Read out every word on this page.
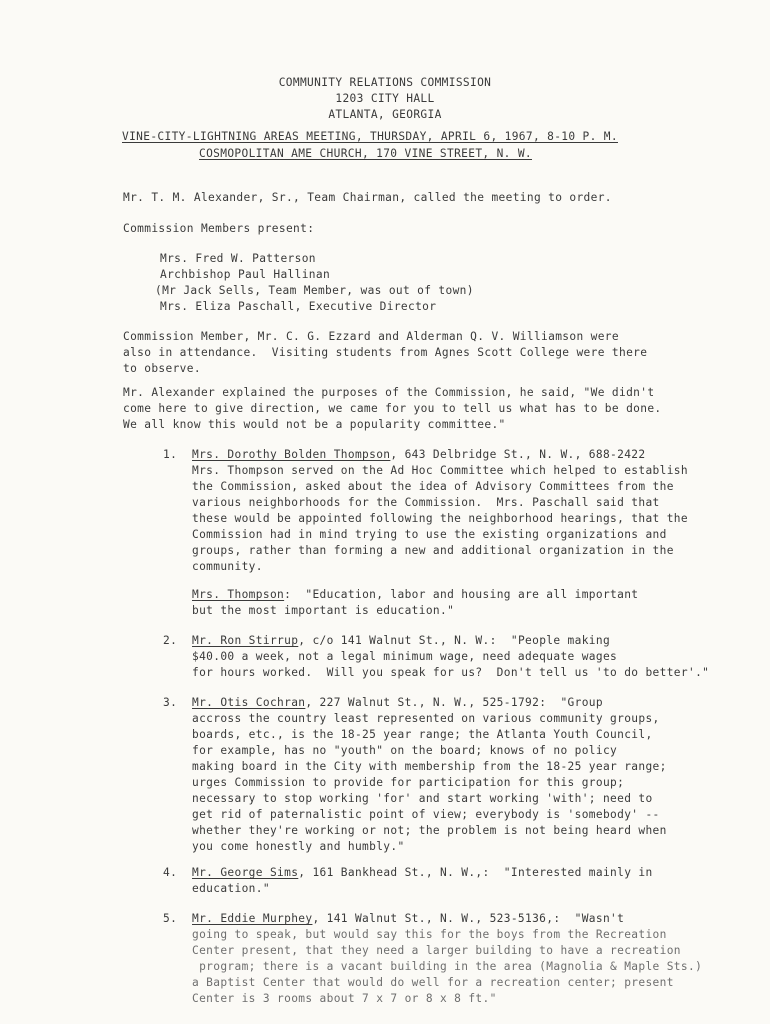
COMMUNITY RELATIONS COMMISSION
1203 CITY HALL
ATLANTA, GEORGIA
VINE-CITY-LIGHTNING AREAS MEETING, THURSDAY, APRIL 6, 1967, 8-10 P. M.
COSMOPOLITAN AME CHURCH, 170 VINE STREET, N. W.
Mr. T. M. Alexander, Sr., Team Chairman, called the meeting to order.
Commission Members present:
Mrs. Fred W. Patterson
Archbishop Paul Hallinan
(Mr Jack Sells, Team Member, was out of town)
Mrs. Eliza Paschall, Executive Director
Commission Member, Mr. C. G. Ezzard and Alderman Q. V. Williamson were
also in attendance.  Visiting students from Agnes Scott College were there
to observe.
Mr. Alexander explained the purposes of the Commission, he said, "We didn't
come here to give direction, we came for you to tell us what has to be done.
We all know this would not be a popularity committee."
1. Mrs. Dorothy Bolden Thompson, 643 Delbridge St., N. W., 688-2422
Mrs. Thompson served on the Ad Hoc Committee which helped to establish
the Commission, asked about the idea of Advisory Committees from the
various neighborhoods for the Commission.  Mrs. Paschall said that
these would be appointed following the neighborhood hearings, that the
Commission had in mind trying to use the existing organizations and
groups, rather than forming a new and additional organization in the
community.
Mrs. Thompson:  "Education, labor and housing are all important
but the most important is education."
2. Mr. Ron Stirrup, c/o 141 Walnut St., N. W.:  "People making
$40.00 a week, not a legal minimum wage, need adequate wages
for hours worked.  Will you speak for us?  Don't tell us 'to do better'."
3. Mr. Otis Cochran, 227 Walnut St., N. W., 525-1792:  "Group
accross the country least represented on various community groups,
boards, etc., is the 18-25 year range; the Atlanta Youth Council,
for example, has no "youth" on the board; knows of no policy
making board in the City with membership from the 18-25 year range;
urges Commission to provide for participation for this group;
necessary to stop working 'for' and start working 'with'; need to
get rid of paternalistic point of view; everybody is 'somebody' --
whether they're working or not; the problem is not being heard when
you come honestly and humbly."
4. Mr. George Sims, 161 Bankhead St., N. W.,:  "Interested mainly in
education."
5. Mr. Eddie Murphey, 141 Walnut St., N. W., 523-5136,:  "Wasn't
going to speak, but would say this for the boys from the Recreation
Center present, that they need a larger building to have a recreation
program; there is a vacant building in the area (Magnolia & Maple Sts.)
a Baptist Center that would do well for a recreation center; present
Center is 3 rooms about 7 x 7 or 8 x 8 ft."
